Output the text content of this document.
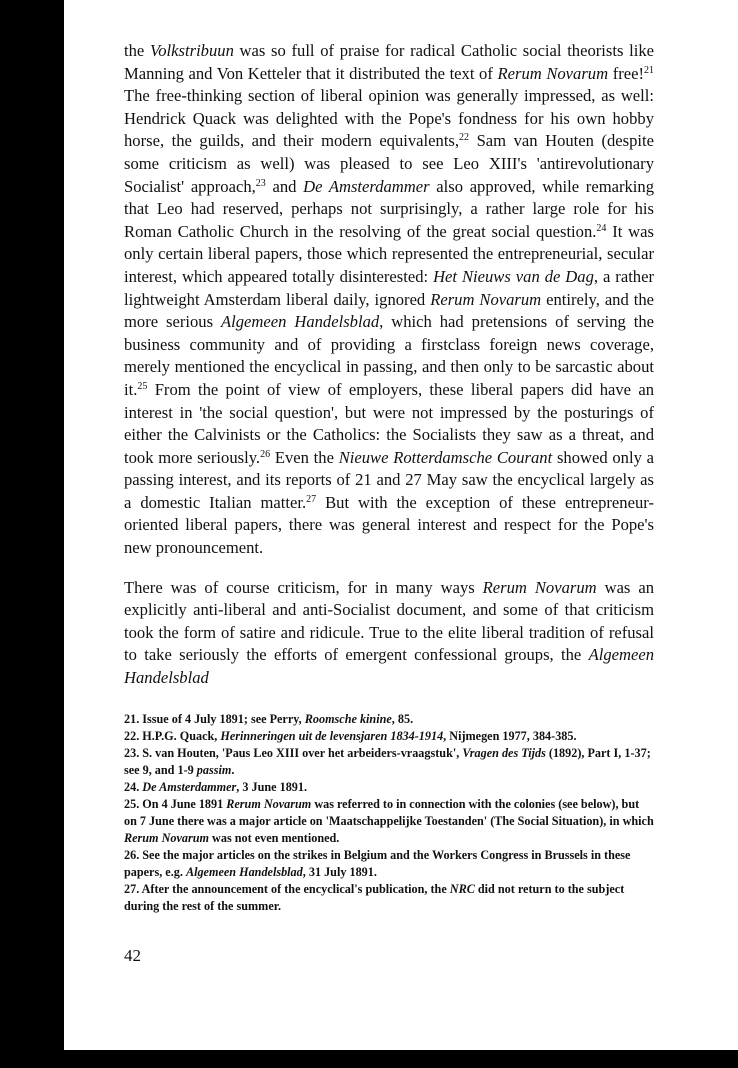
the Volkstribuun was so full of praise for radical Catholic social theorists like Manning and Von Ketteler that it distributed the text of Rerum Novarum free!$^{21}$ The free-thinking section of liberal opinion was generally impressed, as well: Hendrick Quack was delighted with the Pope's fondness for his own hobby horse, the guilds, and their modern equivalents,$^{22}$ Sam van Houten (despite some criticism as well) was pleased to see Leo XIII's 'antirevolutionary Socialist' approach,$^{23}$ and De Amsterdammer also approved, while remarking that Leo had reserved, perhaps not surprisingly, a rather large role for his Roman Catholic Church in the resolving of the great social question.$^{24}$ It was only certain liberal papers, those which represented the entrepreneurial, secular interest, which appeared totally disinterested: Het Nieuws van de Dag, a rather lightweight Amsterdam liberal daily, ignored Rerum Novarum entirely, and the more serious Algemeen Handelsblad, which had pretensions of serving the business community and of providing a firstclass foreign news coverage, merely mentioned the encyclical in passing, and then only to be sarcastic about it.$^{25}$ From the point of view of employers, these liberal papers did have an interest in 'the social question', but were not impressed by the posturings of either the Calvinists or the Catholics: the Socialists they saw as a threat, and took more seriously.$^{26}$ Even the Nieuwe Rotterdamsche Courant showed only a passing interest, and its reports of 21 and 27 May saw the encyclical largely as a domestic Italian matter.$^{27}$ But with the exception of these entrepreneur-oriented liberal papers, there was general interest and respect for the Pope's new pronouncement.

There was of course criticism, for in many ways Rerum Novarum was an explicitly anti-liberal and anti-Socialist document, and some of that criticism took the form of satire and ridicule. True to the elite liberal tradition of refusal to take seriously the efforts of emergent confessional groups, the Algemeen Handelsblad

21. Issue of 4 July 1891; see Perry, Roomsche kinine, 85.

22. H.P.G. Quack, Herinneringen uit de levensjaren 1834-1914, Nijmegen 1977, 384-385.

23. S. van Houten, 'Paus Leo XIII over het arbeiders-vraagstuk', Vragen des Tijds (1892), Part I, 1-37; see 9, and 1-9 passim.

24. De Amsterdammer, 3 June 1891.

25. On 4 June 1891 Rerum Novarum was referred to in connection with the colonies (see below), but on 7 June there was a major article on 'Maatschappelijke Toestanden' (The Social Situation), in which Rerum Novarum was not even mentioned.

26. See the major articles on the strikes in Belgium and the Workers Congress in Brussels in these papers, e.g. Algemeen Handelsblad, 31 July 1891.

27. After the announcement of the encyclical's publication, the NRC did not return to the subject during the rest of the summer.

42
